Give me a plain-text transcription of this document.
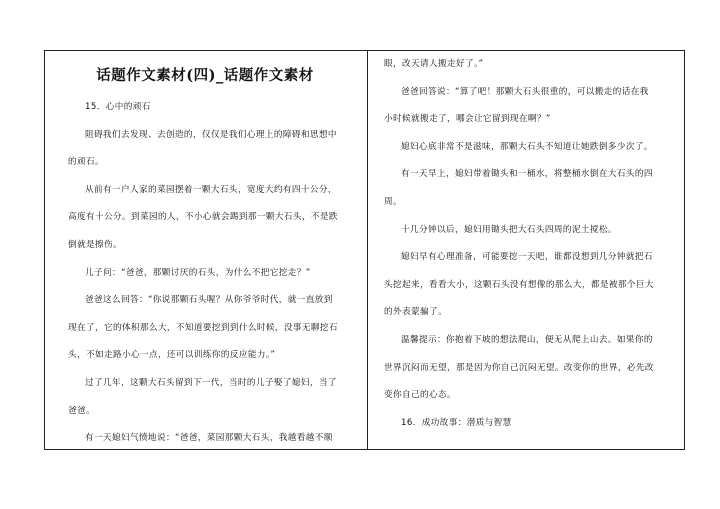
话题作文素材(四)_话题作文素材
15．心中的顽石
阻碍我们去发现、去创造的，仅仅是我们心理上的障碍和思想中
的顽石。
从前有一户人家的菜园摆着一颗大石头，宽度大约有四十公分，
高度有十公分。到菜园的人，不小心就会踢到那一颗大石头，不是跌
倒就是擦伤。
儿子问：“爸爸，那颗讨厌的石头，为什么不把它挖走？”
爸爸这么回答：“你说那颗石头喔？从你爷爷时代，就一直放到
现在了，它的体积那么大，不知道要挖到到什么时候，没事无聊挖石
头，不如走路小心一点，还可以训练你的反应能力。”
过了几年，这颗大石头留到下一代，当时的儿子娶了媳妇，当了
爸爸。
有一天媳妇气愤地说：“爸爸，菜园那颗大石头，我越看越不顺
眼，改天请人搬走好了。”
爸爸回答说：“算了吧！那颗大石头很重的，可以搬走的话在我
小时候就搬走了，哪会让它留到现在啊？”
媳妇心底非常不是滋味，那颗大石头不知道让她跌倒多少次了。
有一天早上，媳妇带着锄头和一桶水，将整桶水倒在大石头的四
周。
十几分钟以后，媳妇用锄头把大石头四周的泥土搅松。
媳妇早有心理准备，可能要挖一天吧，谁都没想到几分钟就把石
头挖起来，看看大小，这颗石头没有想像的那么大，都是被那个巨大
的外表蒙骗了。
温馨提示：你抱着下坡的想法爬山，便无从爬上山去。如果你的
世界沉闷而无望，那是因为你自己沉闷无望。改变你的世界，必先改
变你自己的心态。
16．成功故事：潜质与智慧
